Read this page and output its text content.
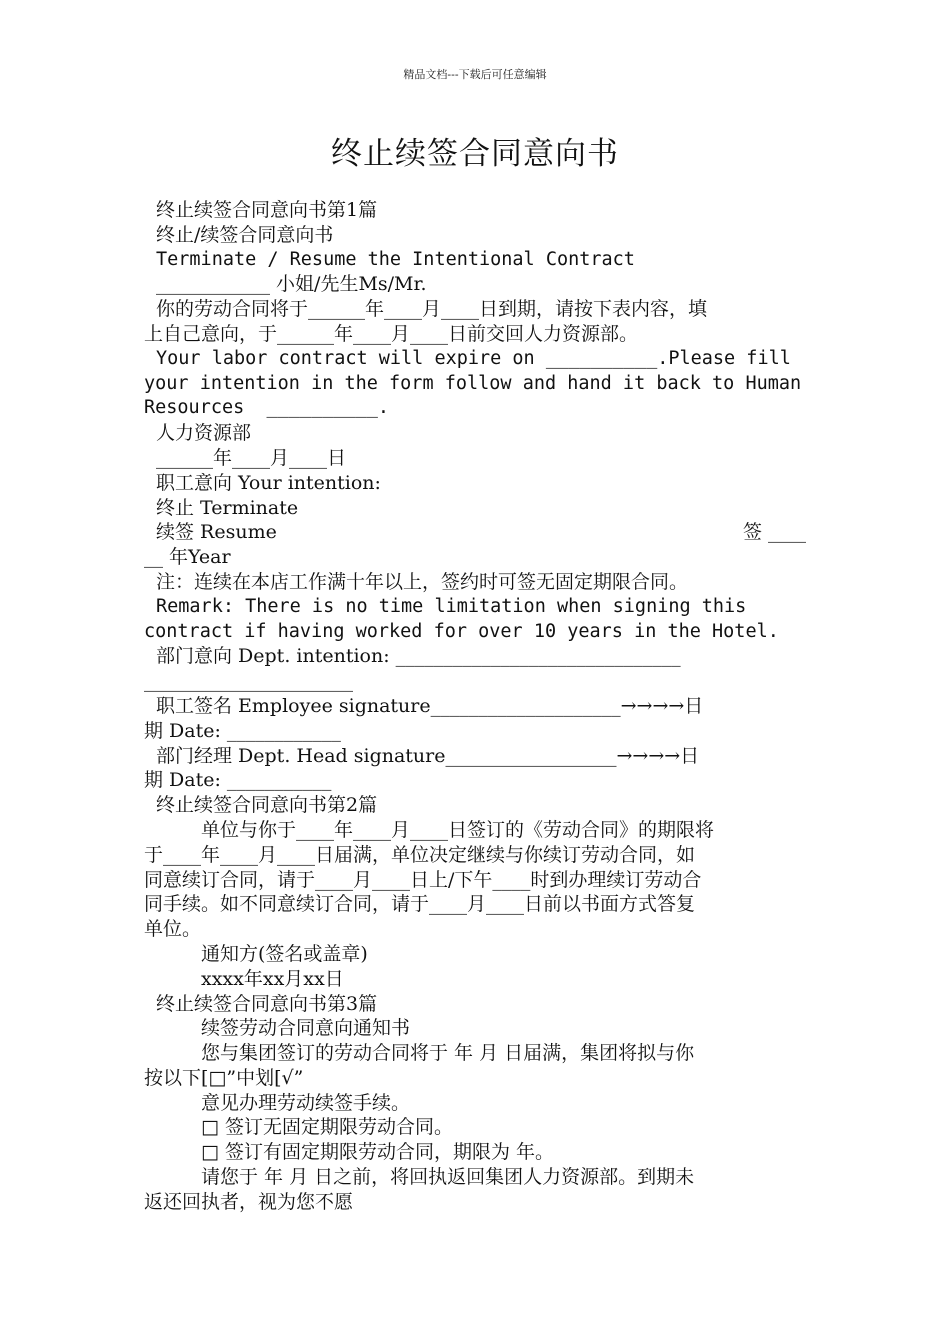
精品文档---下载后可任意编辑
终止续签合同意向书
终止续签合同意向书第1篇
终止/续签合同意向书
Terminate / Resume the Intentional Contract
____________ 小姐/先生Ms/Mr.
你的劳动合同将于______年____月____日到期，请按下表内容，填
上自己意向，于______年____月____日前交回人力资源部。
Your labor contract will expire on __________.Please fill
your intention in the form follow and hand it back to Human
Resources  __________.
人力资源部
______年____月____日
职工意向 Your intention:
终止 Terminate
续签 Resume	签 ____
__ 年Year
注：连续在本店工作满十年以上，签约时可签无固定期限合同。
Remark: There is no time limitation when signing this
contract if having worked for over 10 years in the Hotel.
部门意向 Dept. intention: ______________________________
______________________
职工签名 Employee signature____________________→→→→日
期 Date: ____________
部门经理 Dept. Head signature__________________→→→→日
期 Date: ___________
终止续签合同意向书第2篇
单位与你于____年____月____日签订的《劳动合同》的期限将
于____年____月____日届满，单位决定继续与你续订劳动合同，如
同意续订合同，请于____月____日上/下午____时到办理续订劳动合
同手续。如不同意续订合同，请于____月____日前以书面方式答复
单位。
通知方(签名或盖章)
xxxx年xx月xx日
终止续签合同意向书第3篇
续签劳动合同意向通知书
您与集团签订的劳动合同将于 年 月 日届满，集团将拟与你
按以下[□”中划[√”
意见办理劳动续签手续。
□ 签订无固定期限劳动合同。
□ 签订有固定期限劳动合同，期限为 年。
请您于 年 月 日之前，将回执返回集团人力资源部。到期未
返还回执者，视为您不愿
